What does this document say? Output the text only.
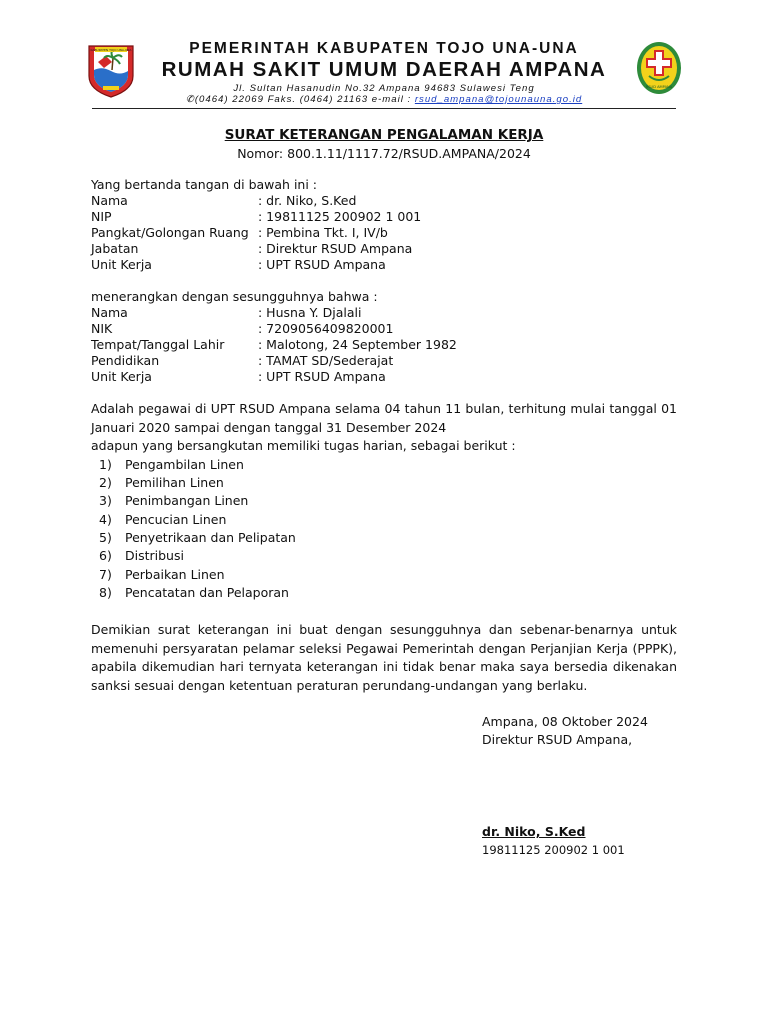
KABUPATEN TOJO UNA-UNA	PEMERINTAH KABUPATEN TOJO UNA-UNA
RUMAH SAKIT UMUM DAERAH AMPANA
Jl. Sultan Hasanudin No.32 Ampana 94683 Sulawesi Teng
✆(0464) 22069 Faks. (0464) 21163 e-mail : rsud_ampana@tojounauna.go.id
RSUD AMPANA
SURAT KETERANGAN PENGALAMAN KERJA
Nomor: 800.1.11/1117.72/RSUD.AMPANA/2024
Yang bertanda tangan di bawah ini :
Nama	: dr. Niko, S.Ked
NIP	: 19811125 200902 1 001
Pangkat/Golongan Ruang : Pembina Tkt. I, IV/b
Jabatan	: Direktur RSUD Ampana
Unit Kerja	: UPT RSUD Ampana
menerangkan dengan sesungguhnya bahwa :
Nama	: Husna Y. Djalali
NIK	: 7209056409820001
Tempat/Tanggal Lahir	: Malotong, 24 September 1982
Pendidikan	: TAMAT SD/Sederajat
Unit Kerja	: UPT RSUD Ampana
Adalah pegawai di UPT RSUD Ampana selama 04 tahun 11 bulan, terhitung mulai tanggal 01 Januari 2020 sampai dengan tanggal 31 Desember 2024
adapun yang bersangkutan memiliki tugas harian, sebagai berikut :
1) Pengambilan Linen
2) Pemilihan Linen
3) Penimbangan Linen
4) Pencucian Linen
5) Penyetrikaan dan Pelipatan
6) Distribusi
7) Perbaikan Linen
8) Pencatatan dan Pelaporan
Demikian surat keterangan ini buat dengan sesungguhnya dan sebenar-benarnya untuk memenuhi persyaratan pelamar seleksi Pegawai Pemerintah dengan Perjanjian Kerja (PPPK), apabila dikemudian hari ternyata keterangan ini tidak benar maka saya bersedia dikenakan sanksi sesuai dengan ketentuan peraturan perundang-undangan yang berlaku.
Ampana, 08 Oktober 2024
Direktur RSUD Ampana,
dr. Niko, S.Ked
19811125 200902 1 001
